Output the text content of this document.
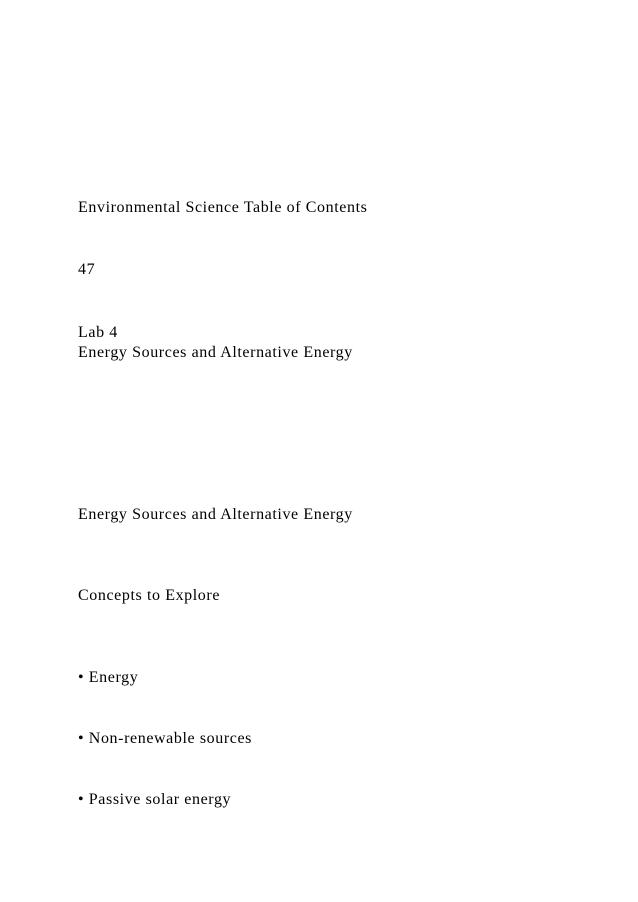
Environmental Science Table of Contents
47
Lab 4
Energy Sources and Alternative Energy
Energy Sources and Alternative Energy
Concepts to Explore
• Energy
• Non-renewable sources
• Passive solar energy
